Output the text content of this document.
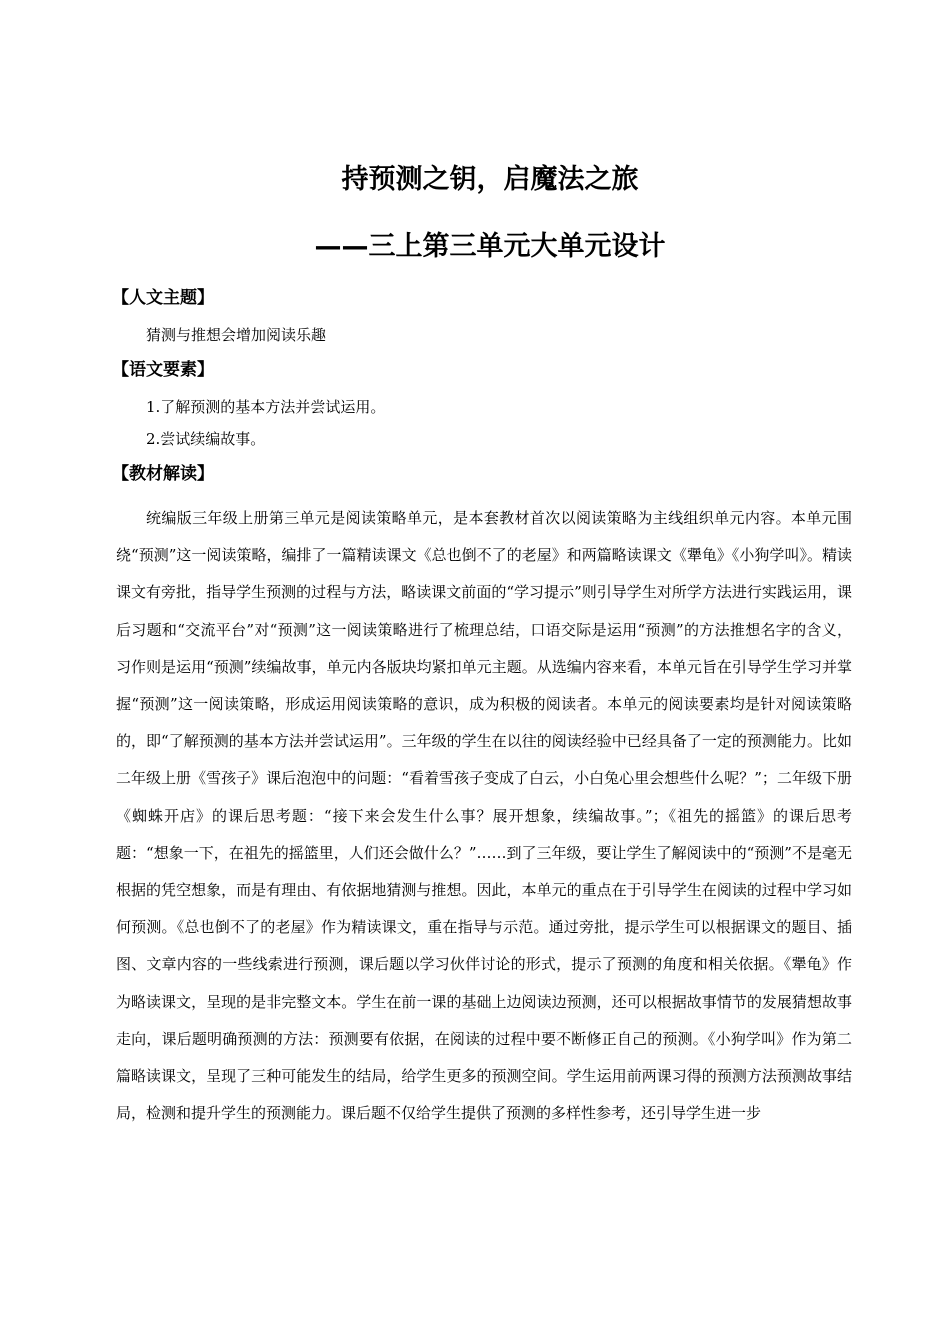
持预测之钥，启魔法之旅
——三上第三单元大单元设计
【人文主题】

猜测与推想会增加阅读乐趣

【语文要素】

1.了解预测的基本方法并尝试运用。

2.尝试续编故事。

【教材解读】

统编版三年级上册第三单元是阅读策略单元，是本套教材首次以阅读策略为主线组织单元内容。本单元围绕“预测”这一阅读策略，编排了一篇精读课文《总也倒不了的老屋》和两篇略读课文《犟龟》《小狗学叫》。精读课文有旁批，指导学生预测的过程与方法，略读课文前面的“学习提示”则引导学生对所学方法进行实践运用，课后习题和“交流平台”对“预测”这一阅读策略进行了梳理总结，口语交际是运用“预测”的方法推想名字的含义，习作则是运用“预测”续编故事，单元内各版块均紧扣单元主题。从选编内容来看，本单元旨在引导学生学习并掌握“预测”这一阅读策略，形成运用阅读策略的意识，成为积极的阅读者。本单元的阅读要素均是针对阅读策略的，即“了解预测的基本方法并尝试运用”。三年级的学生在以往的阅读经验中已经具备了一定的预测能力。比如二年级上册《雪孩子》课后泡泡中的问题：“看着雪孩子变成了白云，小白兔心里会想些什么呢？”；二年级下册《蜘蛛开店》的课后思考题：“接下来会发生什么事？展开想象，续编故事。”；《祖先的摇篮》的课后思考题：“想象一下，在祖先的摇篮里，人们还会做什么？”……到了三年级，要让学生了解阅读中的“预测”不是毫无根据的凭空想象，而是有理由、有依据地猜测与推想。因此，本单元的重点在于引导学生在阅读的过程中学习如何预测。《总也倒不了的老屋》作为精读课文，重在指导与示范。通过旁批，提示学生可以根据课文的题目、插图、文章内容的一些线索进行预测，课后题以学习伙伴讨论的形式，提示了预测的角度和相关依据。《犟龟》作为略读课文，呈现的是非完整文本。学生在前一课的基础上边阅读边预测，还可以根据故事情节的发展猜想故事走向，课后题明确预测的方法：预测要有依据，在阅读的过程中要不断修正自己的预测。《小狗学叫》作为第二篇略读课文，呈现了三种可能发生的结局，给学生更多的预测空间。学生运用前两课习得的预测方法预测故事结局，检测和提升学生的预测能力。课后题不仅给学生提供了预测的多样性参考，还引导学生进一步
